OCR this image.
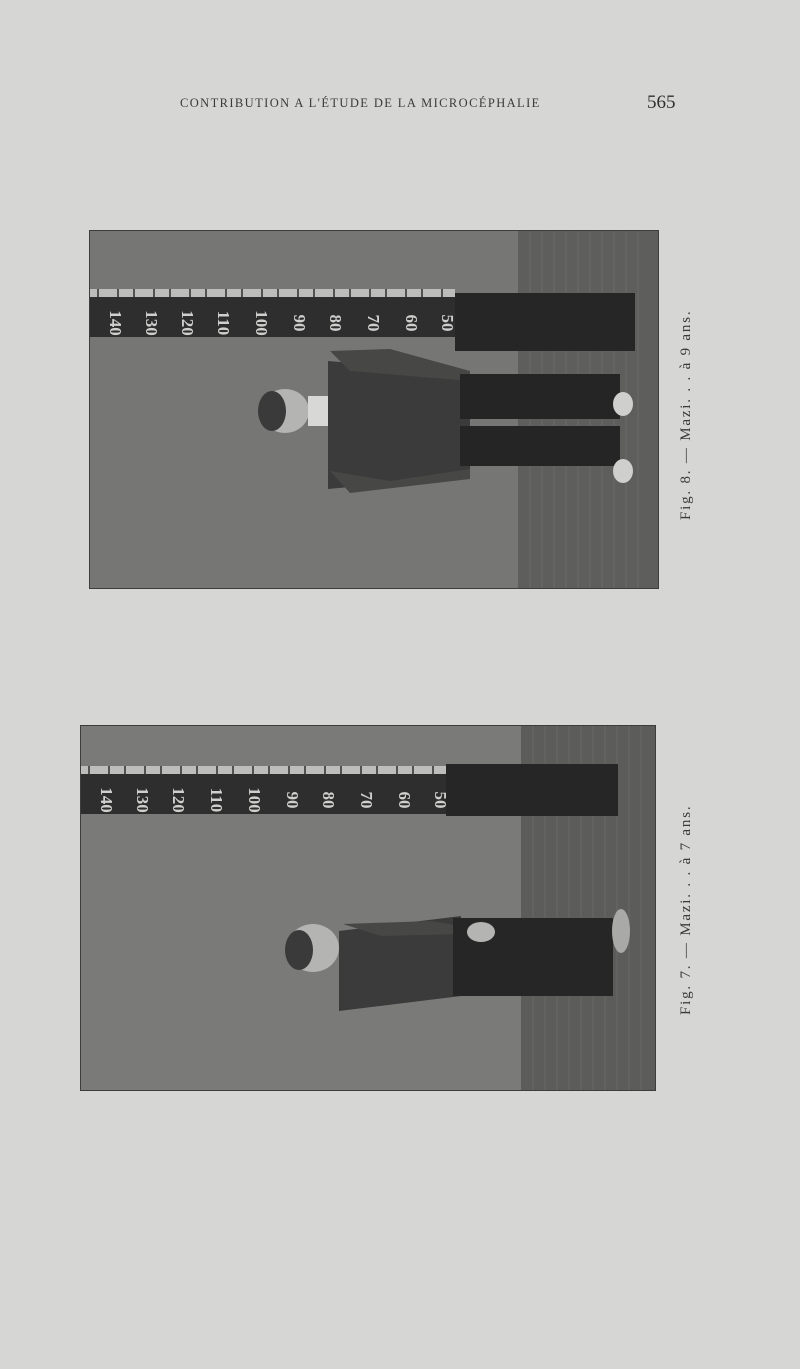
CONTRIBUTION A L'ÉTUDE DE LA MICROCÉPHALIE	565
140 130 120 110 100 90 80 70 60 50
140 130 120 110 100 90 80 70 60 50
Fig. 8. — Mazi. . . à 9 ans.
Fig. 7. — Mazi. . . à 7 ans.
